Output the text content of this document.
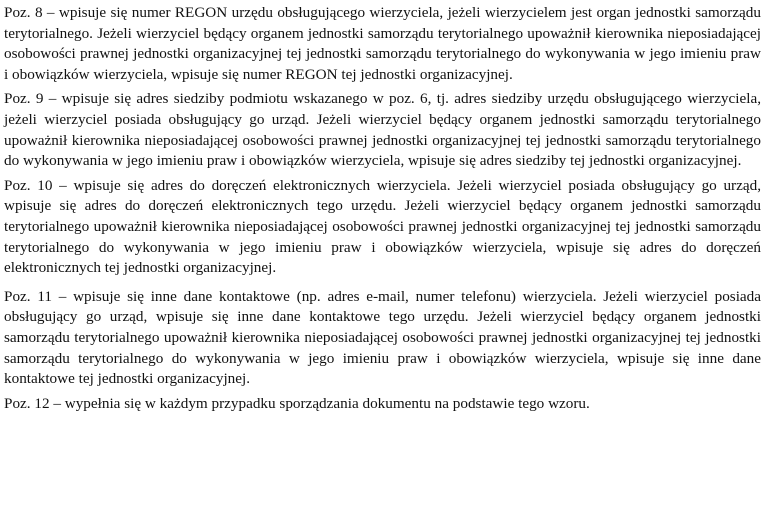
Poz. 8 – wpisuje się numer REGON urzędu obsługującego wierzyciela, jeżeli wierzycielem jest organ jednostki samorządu terytorialnego. Jeżeli wierzyciel będący organem jednostki samorządu terytorialnego upoważnił kierownika nieposiadającej osobowości prawnej jednostki organizacyjnej tej jednostki samorządu terytorialnego do wykonywania w jego imieniu praw i obowiązków wierzyciela, wpisuje się numer REGON tej jednostki organizacyjnej.

Poz. 9 – wpisuje się adres siedziby podmiotu wskazanego w poz. 6, tj. adres siedziby urzędu obsługującego wierzyciela, jeżeli wierzyciel posiada obsługujący go urząd. Jeżeli wierzyciel będący organem jednostki samorządu terytorialnego upoważnił kierownika nieposiadającej osobowości prawnej jednostki organizacyjnej tej jednostki samorządu terytorialnego do wykonywania w jego imieniu praw i obowiązków wierzyciela, wpisuje się adres siedziby tej jednostki organizacyjnej.

Poz. 10 – wpisuje się adres do doręczeń elektronicznych wierzyciela. Jeżeli wierzyciel posiada obsługujący go urząd, wpisuje się adres do doręczeń elektronicznych tego urzędu. Jeżeli wierzyciel będący organem jednostki samorządu terytorialnego upoważnił kierownika nieposiadającej osobowości prawnej jednostki organizacyjnej tej jednostki samorządu terytorialnego do wykonywania w jego imieniu praw i obowiązków wierzyciela, wpisuje się adres do doręczeń elektronicznych tej jednostki organizacyjnej.

Poz. 11 – wpisuje się inne dane kontaktowe (np. adres e-mail, numer telefonu) wierzyciela. Jeżeli wierzyciel posiada obsługujący go urząd, wpisuje się inne dane kontaktowe tego urzędu. Jeżeli wierzyciel będący organem jednostki samorządu terytorialnego upoważnił kierownika nieposiadającej osobowości prawnej jednostki organizacyjnej tej jednostki samorządu terytorialnego do wykonywania w jego imieniu praw i obowiązków wierzyciela, wpisuje się inne dane kontaktowe tej jednostki organizacyjnej.

Poz. 12 – wypełnia się w każdym przypadku sporządzania dokumentu na podstawie tego wzoru.
